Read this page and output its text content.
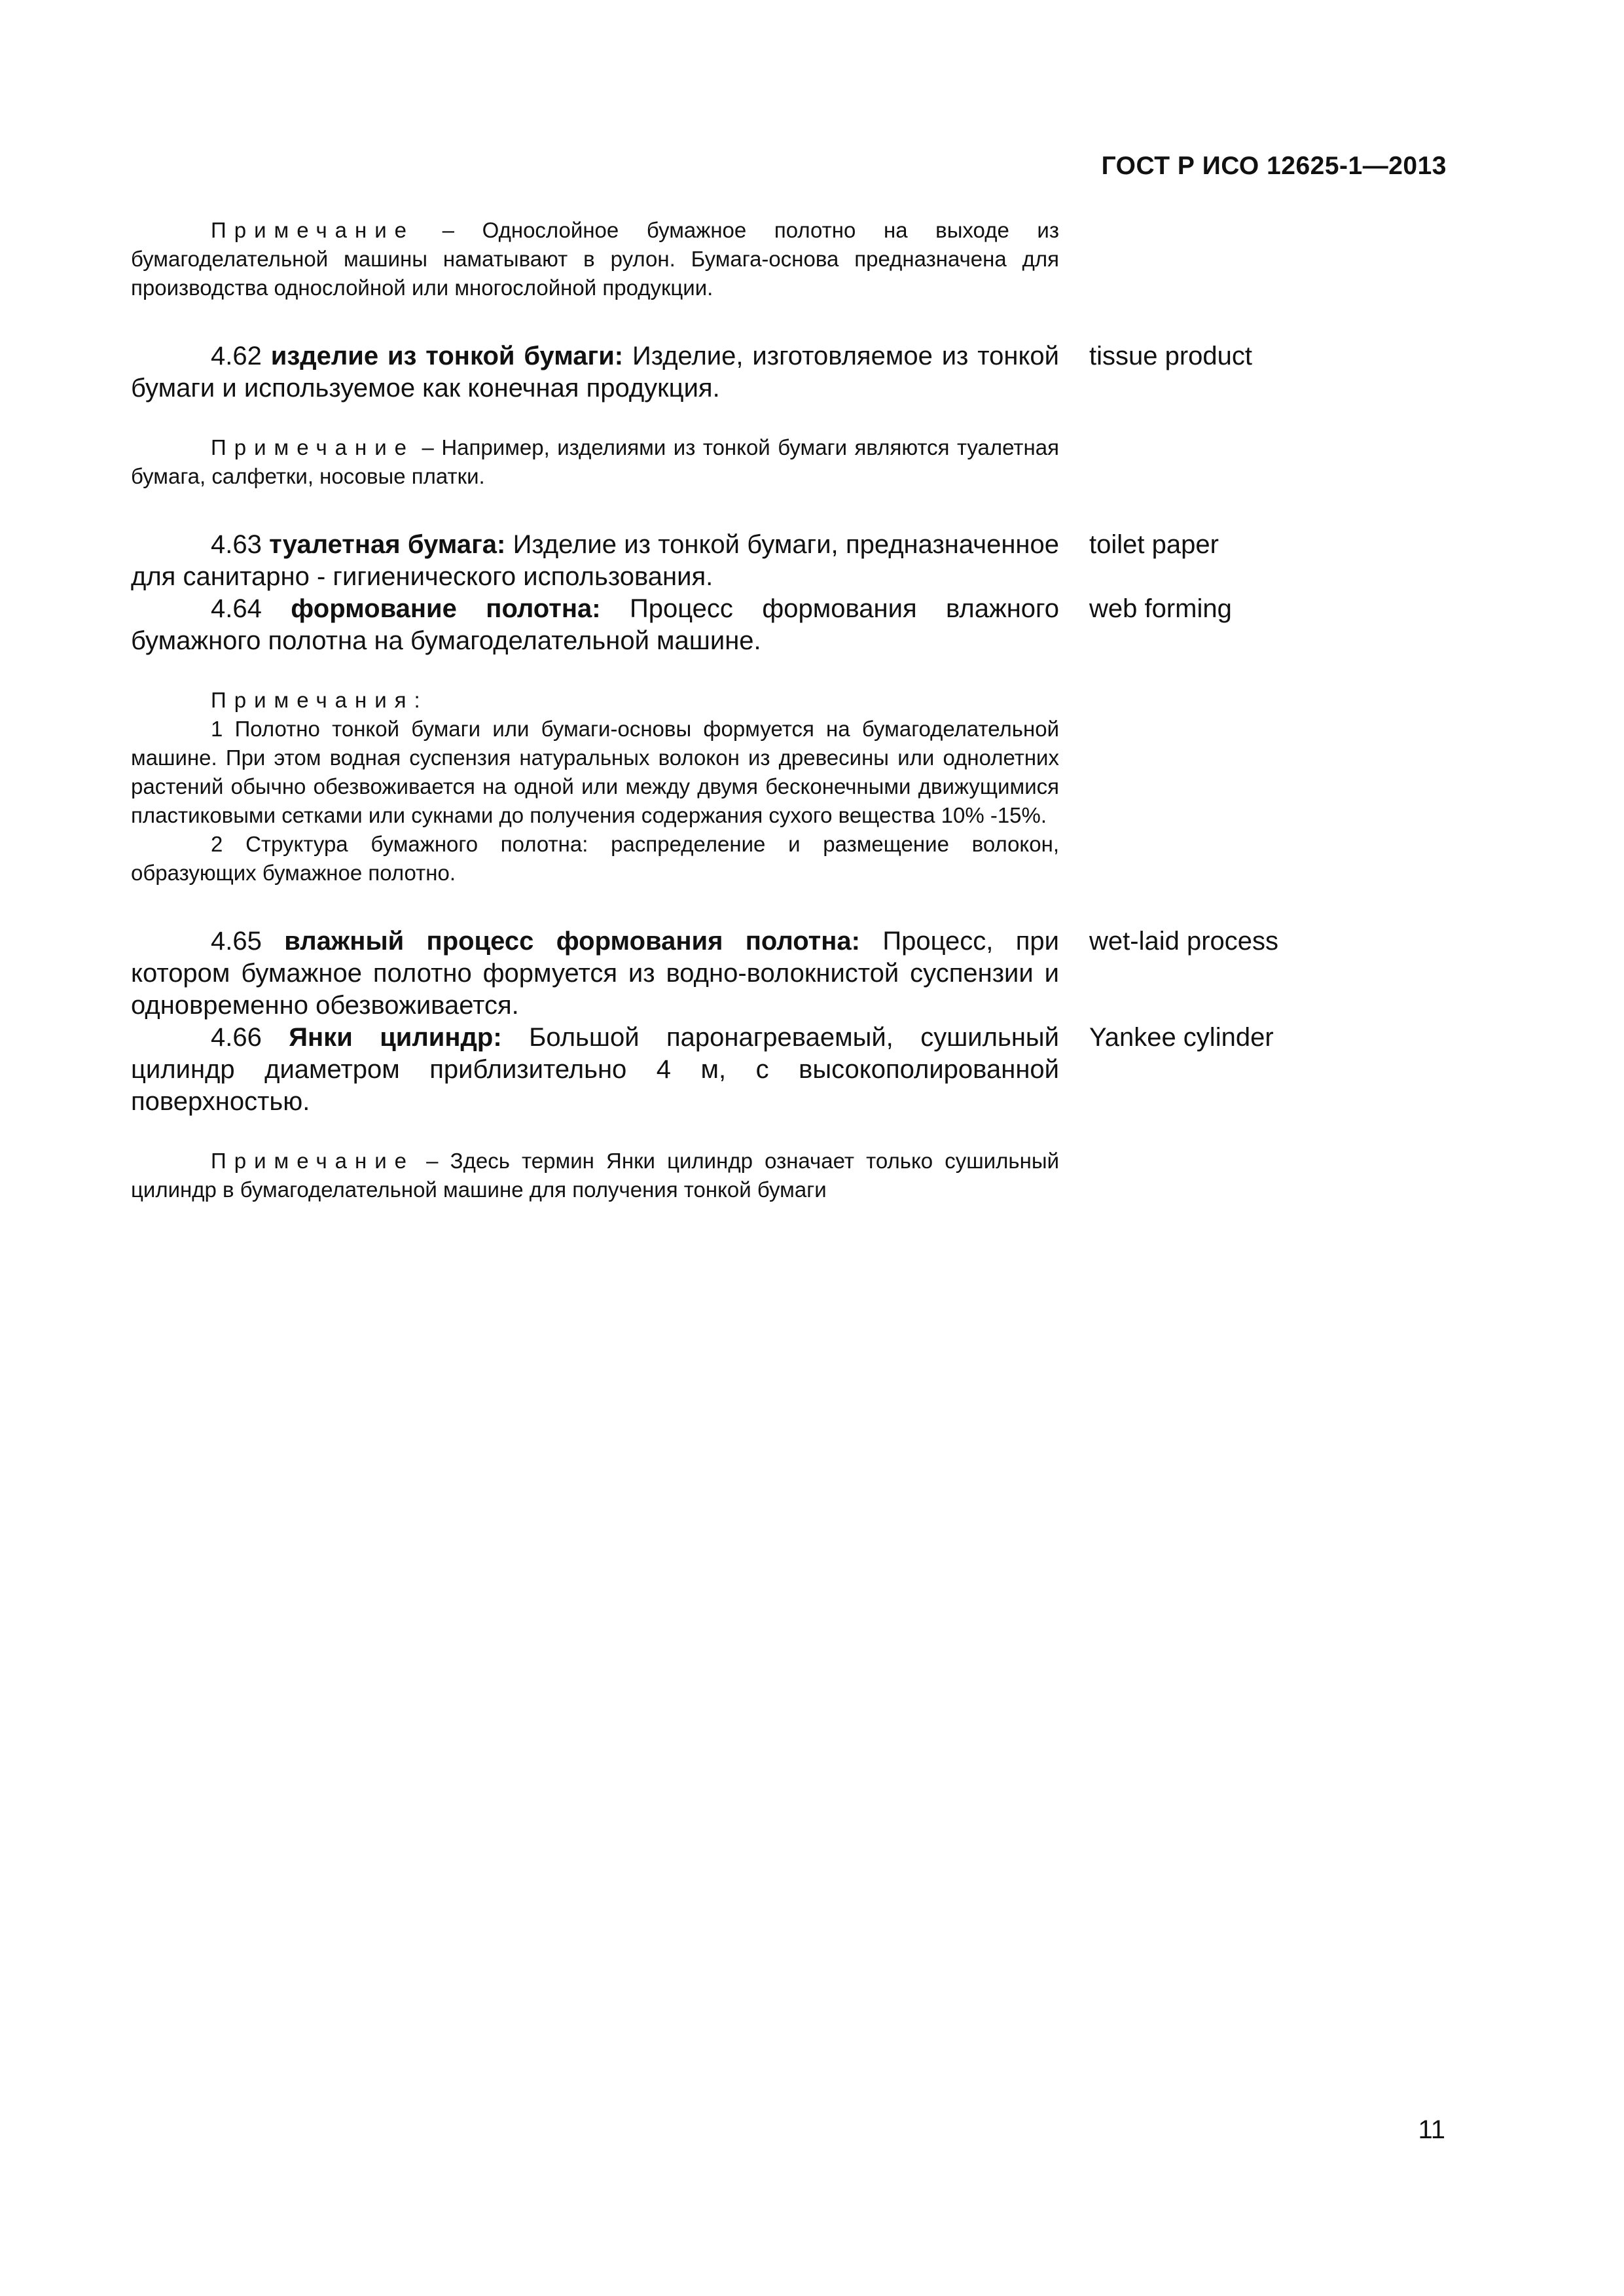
ГОСТ Р ИСО 12625-1—2013

Примечание – Однослойное бумажное полотно на выходе из бумагоделательной машины наматывают в рулон. Бумага-основа предназначена для производства однослойной или многослойной продукции.

4.62 изделие из тонкой бумаги: Изделие, изготовляемое из тонкой бумаги и используемое как конечная продукция.
tissue product

Примечание – Например, изделиями из тонкой бумаги являются туалетная бумага, салфетки, носовые платки.

4.63 туалетная бумага: Изделие из тонкой бумаги, предназначенное для санитарно - гигиенического использования.
toilet paper
4.64 формование полотна: Процесс формования влажного бумажного полотна на бумагоделательной машине.
web forming

Примечания:

1 Полотно тонкой бумаги или бумаги-основы формуется на бумагоделательной машине. При этом водная суспензия натуральных волокон из древесины или однолетних растений обычно обезвоживается на одной или между двумя бесконечными движущимися пластиковыми сетками или сукнами до получения содержания сухого вещества 10% -15%.

2 Структура бумажного полотна: распределение и размещение волокон, образующих бумажное полотно.

4.65 влажный процесс формования полотна: Процесс, при котором бумажное полотно формуется из водно-волокнистой суспензии и одновременно обезвоживается.
wet-laid process
4.66 Янки цилиндр: Большой паронагреваемый, сушильный цилиндр диаметром приблизительно 4 м, с высокополированной поверхностью.
Yankee cylinder

Примечание – Здесь термин Янки цилиндр означает только сушильный цилиндр в бумагоделательной машине для получения тонкой бумаги

11
